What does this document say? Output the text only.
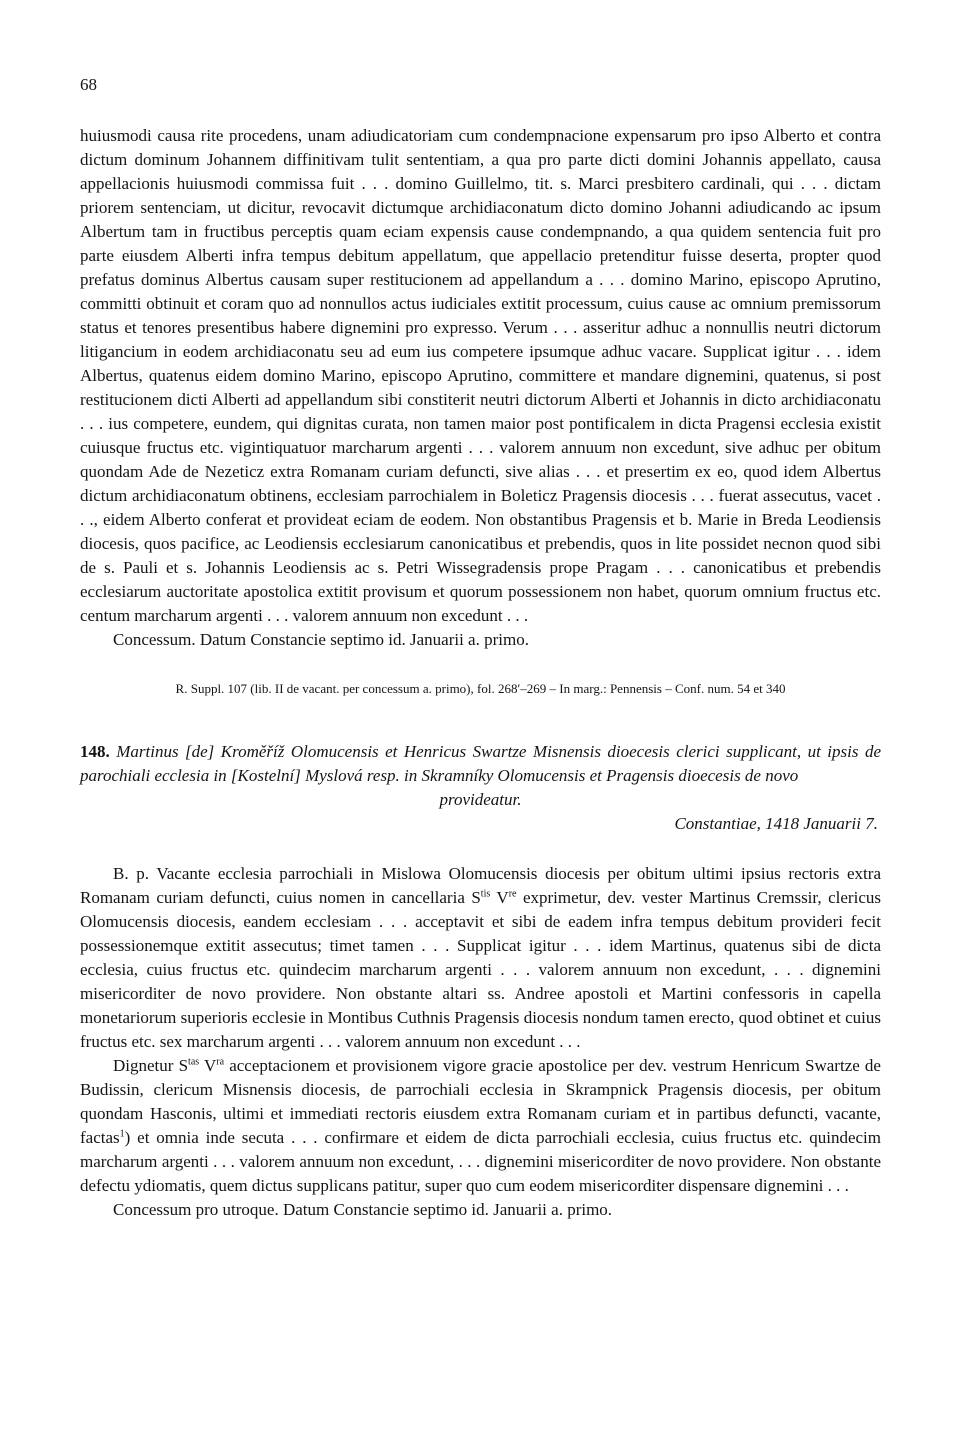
68

huiusmodi causa rite procedens, unam adiudicatoriam cum condempnacione expensarum pro ipso Alberto et contra dictum dominum Johannem diffinitivam tulit sententiam, a qua pro parte dicti domini Johannis appellato, causa appellacionis huiusmodi commissa fuit . . . domino Guillelmo, tit. s. Marci presbitero cardinali, qui . . . dictam priorem sentenciam, ut dicitur, revocavit dictumque archidiaconatum dicto domino Johanni adiudicando ac ipsum Albertum tam in fructibus perceptis quam eciam expensis cause condempnando, a qua quidem sentencia fuit pro parte eiusdem Alberti infra tempus debitum appellatum, que appellacio pretenditur fuisse deserta, propter quod prefatus dominus Albertus causam super restitucionem ad appellandum a . . . domino Marino, episcopo Aprutino, committi obtinuit et coram quo ad nonnullos actus iudiciales extitit processum, cuius cause ac omnium premissorum status et tenores presentibus habere dignemini pro expresso. Verum . . . asseritur adhuc a nonnullis neutri dictorum litigancium in eodem archidiaconatu seu ad eum ius competere ipsumque adhuc vacare. Supplicat igitur . . . idem Albertus, quatenus eidem domino Marino, episcopo Aprutino, committere et mandare dignemini, quatenus, si post restitucionem dicti Alberti ad appellandum sibi constiterit neutri dictorum Alberti et Johannis in dicto archidiaconatu . . . ius competere, eundem, qui dignitas curata, non tamen maior post pontificalem in dicta Pragensi ecclesia existit cuiusque fructus etc. vigintiquatuor marcharum argenti . . . valorem annuum non excedunt, sive adhuc per obitum quondam Ade de Nezeticz extra Romanam curiam defuncti, sive alias . . . et presertim ex eo, quod idem Albertus dictum archidiaconatum obtinens, ecclesiam parrochialem in Boleticz Pragensis diocesis . . . fuerat assecutus, vacet . . ., eidem Alberto conferat et provideat eciam de eodem. Non obstantibus Pragensis et b. Marie in Breda Leodiensis diocesis, quos pacifice, ac Leodiensis ecclesiarum canonicatibus et prebendis, quos in lite possidet necnon quod sibi de s. Pauli et s. Johannis Leodiensis ac s. Petri Wissegradensis prope Pragam . . . canonicatibus et prebendis ecclesiarum auctoritate apostolica extitit provisum et quorum possessionem non habet, quorum omnium fructus etc. centum marcharum argenti . . . valorem annuum non excedunt . . .

Concessum. Datum Constancie septimo id. Januarii a. primo.

R. Suppl. 107 (lib. II de vacant. per concessum a. primo), fol. 268′–269 – In marg.: Pennensis – Conf. num. 54 et 340
148. Martinus [de] Kroměříž Olomucensis et Henricus Swartze Misnensis dioecesis clerici supplicant, ut ipsis de parochiali ecclesia in [Kostelní] Myslová resp. in Skramníky Olomucensis et Pragensis dioecesis de novo
provideatur.
Constantiae, 1418 Januarii 7.

B. p. Vacante ecclesia parrochiali in Mislowa Olomucensis diocesis per obitum ultimi ipsius rectoris extra Romanam curiam defuncti, cuius nomen in cancellaria $S^{tis}$ Vre exprimetur, dev. vester Martinus Cremssir, clericus Olomucensis diocesis, eandem ecclesiam . . . acceptavit et sibi de eadem infra tempus debitum provideri fecit possessionemque extitit assecutus; timet tamen . . . Supplicat igitur . . . idem Martinus, quatenus sibi de dicta ecclesia, cuius fructus etc. quindecim marcharum argenti . . . valorem annuum non excedunt, . . . dignemini misericorditer de novo providere. Non obstante altari ss. Andree apostoli et Martini confessoris in capella monetariorum superioris ecclesie in Montibus Cuthnis Pragensis diocesis nondum tamen erecto, quod obtinet et cuius fructus etc. sex marcharum argenti . . . valorem annuum non excedunt . . .

Dignetur $S^{tas}$ $V^{ra}$ acceptacionem et provisionem vigore gracie apostolice per dev. vestrum Henricum Swartze de Budissin, clericum Misnensis diocesis, de parrochiali ecclesia in Skrampnick Pragensis diocesis, per obitum quondam Hasconis, ultimi et immediati rectoris eiusdem extra Romanam curiam et in partibus defuncti, vacante, factas$^1$) et omnia inde secuta . . . confirmare et eidem de dicta parrochiali ecclesia, cuius fructus etc. quindecim marcharum argenti . . . valorem annuum non excedunt, . . . dignemini misericorditer de novo providere. Non obstante defectu ydiomatis, quem dictus supplicans patitur, super quo cum eodem misericorditer dispensare dignemini . . .

Concessum pro utroque. Datum Constancie septimo id. Januarii a. primo.
